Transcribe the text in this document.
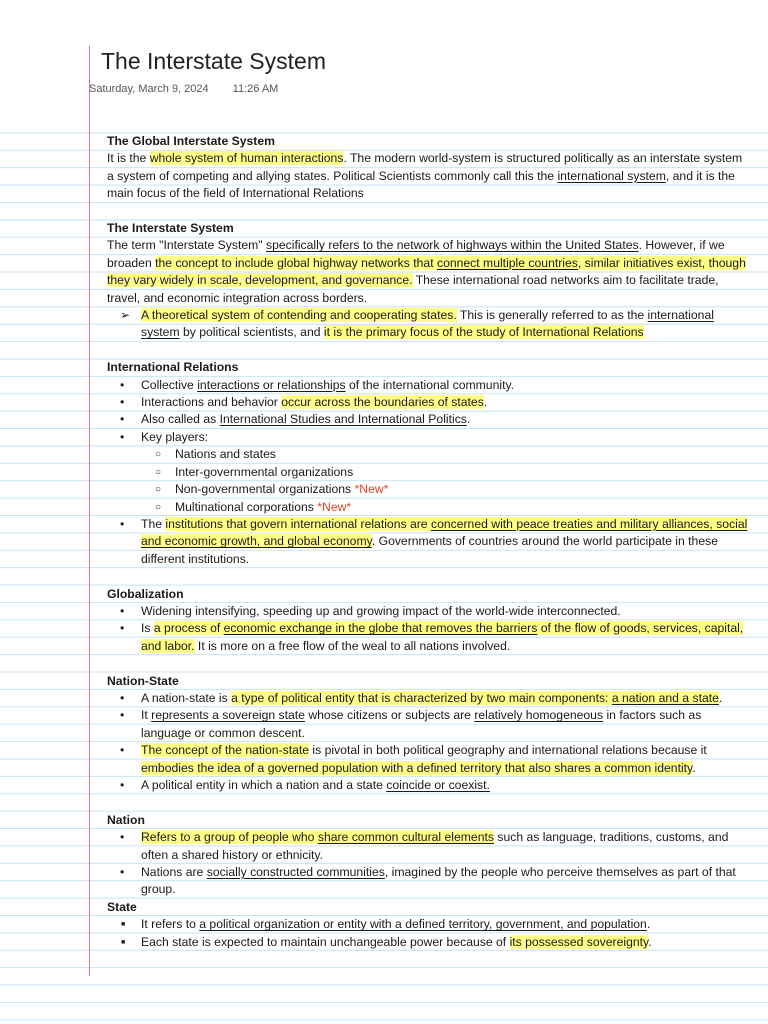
The Interstate System
Saturday, March 9, 2024 11:26 AM
The Global Interstate System
It is the whole system of human interactions. The modern world-system is structured politically as an interstate system a system of competing and allying states. Political Scientists commonly call this the international system, and it is the main focus of the field of International Relations
The Interstate System
The term "Interstate System" specifically refers to the network of highways within the United States. However, if we broaden the concept to include global highway networks that connect multiple countries, similar initiatives exist, though they vary widely in scale, development, and governance. These international road networks aim to facilitate trade, travel, and economic integration across borders.
➢ A theoretical system of contending and cooperating states. This is generally referred to as the international system by political scientists, and it is the primary focus of the study of International Relations
International Relations
• Collective interactions or relationships of the international community.
• Interactions and behavior occur across the boundaries of states.
• Also called as International Studies and International Politics.
• Key players:
○ Nations and states
○ Inter-governmental organizations
○ Non-governmental organizations *New*
○ Multinational corporations *New*
• The institutions that govern international relations are concerned with peace treaties and military alliances, social and economic growth, and global economy. Governments of countries around the world participate in these different institutions.
Globalization
• Widening intensifying, speeding up and growing impact of the world-wide interconnected.
• Is a process of economic exchange in the globe that removes the barriers of the flow of goods, services, capital, and labor. It is more on a free flow of the weal to all nations involved.
Nation-State
• A nation-state is a type of political entity that is characterized by two main components: a nation and a state.
• It represents a sovereign state whose citizens or subjects are relatively homogeneous in factors such as language or common descent.
• The concept of the nation-state is pivotal in both political geography and international relations because it embodies the idea of a governed population with a defined territory that also shares a common identity.
• A political entity in which a nation and a state coincide or coexist.
Nation
• Refers to a group of people who share common cultural elements such as language, traditions, customs, and often a shared history or ethnicity.
• Nations are socially constructed communities, imagined by the people who perceive themselves as part of that group.
State
■ It refers to a political organization or entity with a defined territory, government, and population.
■ Each state is expected to maintain unchangeable power because of its possessed sovereignty.
